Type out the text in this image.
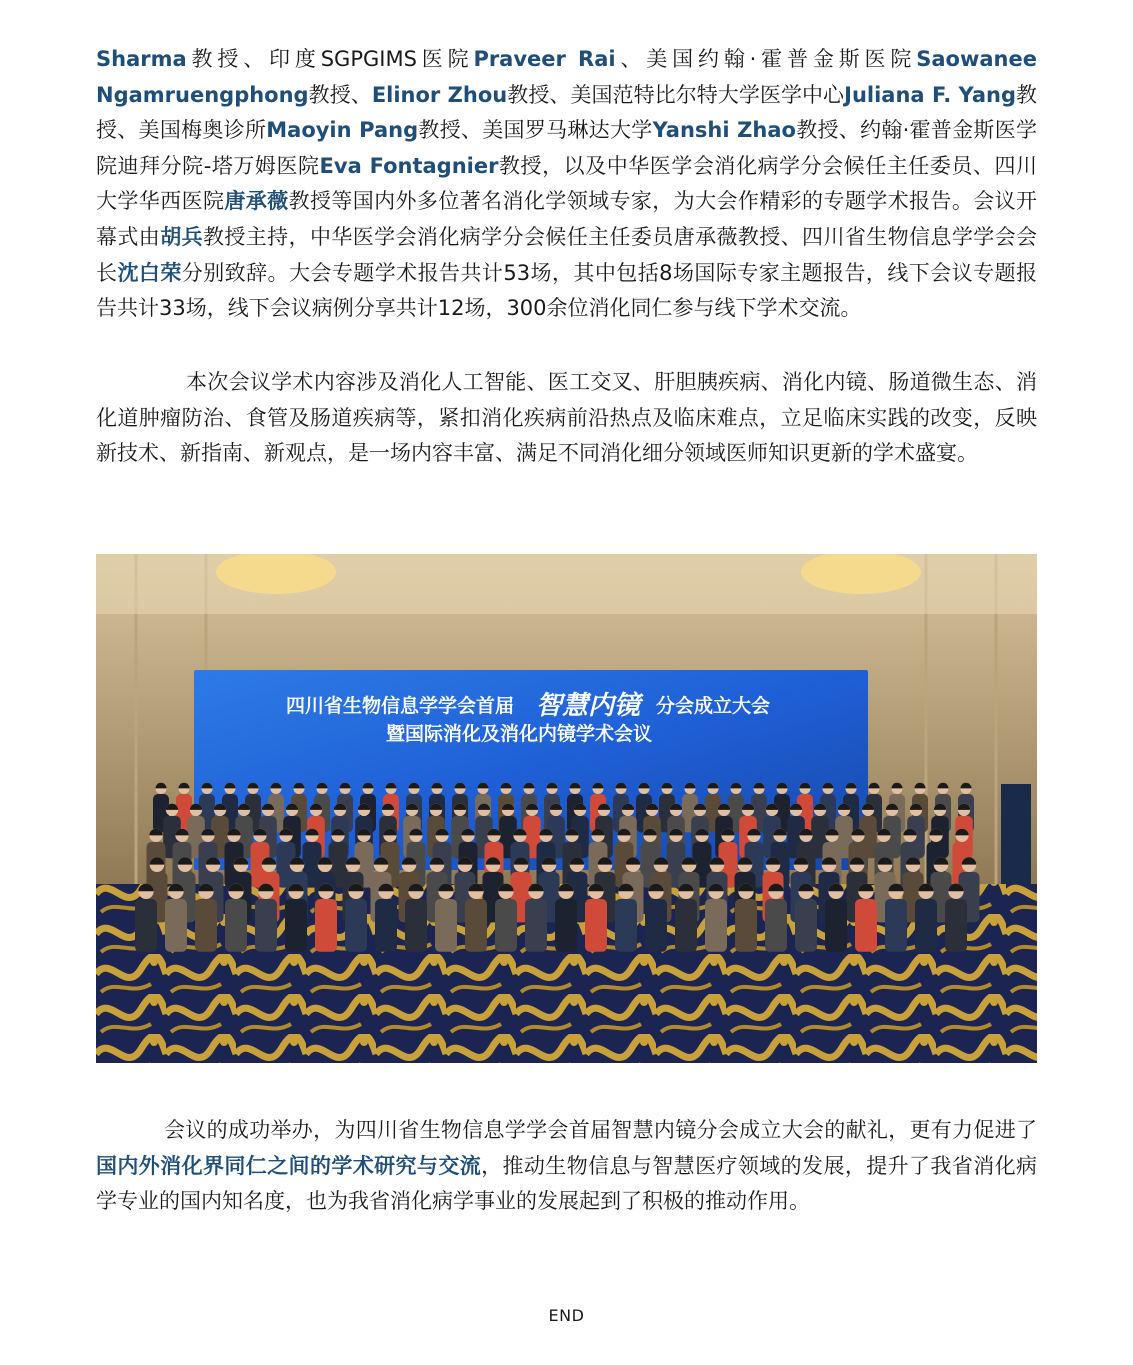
Sharma教授、印度SGPGIMS医院Praveer Rai、美国约翰·霍普金斯医院Saowanee Ngamruengphong教授、Elinor Zhou教授、美国范特比尔特大学医学中心Juliana F. Yang教授、美国梅奥诊所Maoyin Pang教授、美国罗马琳达大学Yanshi Zhao教授、约翰·霍普金斯医学院迪拜分院-塔万姆医院Eva Fontagnier教授，以及中华医学会消化病学分会候任主任委员、四川大学华西医院唐承薇教授等国内外多位著名消化学领域专家，为大会作精彩的专题学术报告。会议开幕式由胡兵教授主持，中华医学会消化病学分会候任主任委员唐承薇教授、四川省生物信息学学会会长沈白荣分别致辞。大会专题学术报告共计53场，其中包括8场国际专家主题报告，线下会议专题报告共计33场，线下会议病例分享共计12场，300余位消化同仁参与线下学术交流。

本次会议学术内容涉及消化人工智能、医工交叉、肝胆胰疾病、消化内镜、肠道微生态、消化道肿瘤防治、食管及肠道疾病等，紧扣消化疾病前沿热点及临床难点，立足临床实践的改变，反映新技术、新指南、新观点，是一场内容丰富、满足不同消化细分领域医师知识更新的学术盛宴。

四川省生物信息学学会首届 智慧内镜 分会成立大会
暨国际消化及消化内镜学术会议

会议的成功举办，为四川省生物信息学学会首届智慧内镜分会成立大会的献礼，更有力促进了国内外消化界同仁之间的学术研究与交流，推动生物信息与智慧医疗领域的发展，提升了我省消化病学专业的国内知名度，也为我省消化病学事业的发展起到了积极的推动作用。

END
